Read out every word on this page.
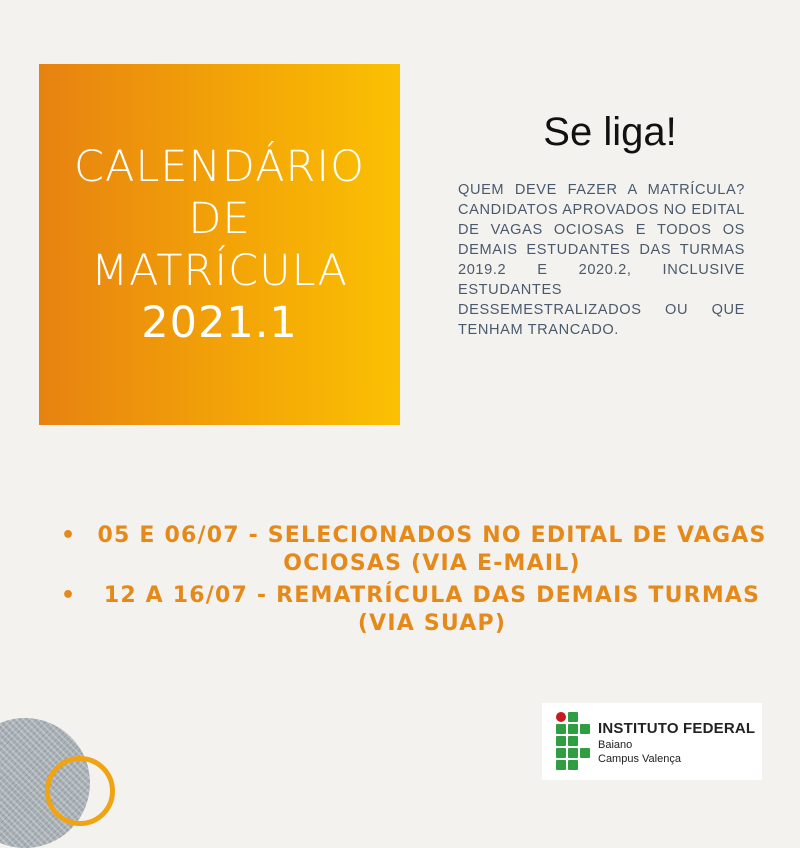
CALENDÁRIO
DE
MATRÍCULA
2021.1
Se liga!
QUEM DEVE FAZER A MATRÍCULA? CANDIDATOS APROVADOS NO EDITAL DE VAGAS OCIOSAS E TODOS OS DEMAIS ESTUDANTES DAS TURMAS 2019.2 E 2020.2, INCLUSIVE ESTUDANTES DESSEMESTRALIZADOS OU QUE TENHAM TRANCADO.
• 05 E 06/07 - SELECIONADOS NO EDITAL DE VAGAS OCIOSAS (VIA E-MAIL)
• 12 A 16/07 - REMATRÍCULA DAS DEMAIS TURMAS (VIA SUAP)
INSTITUTO FEDERAL
Baiano
Campus Valença
